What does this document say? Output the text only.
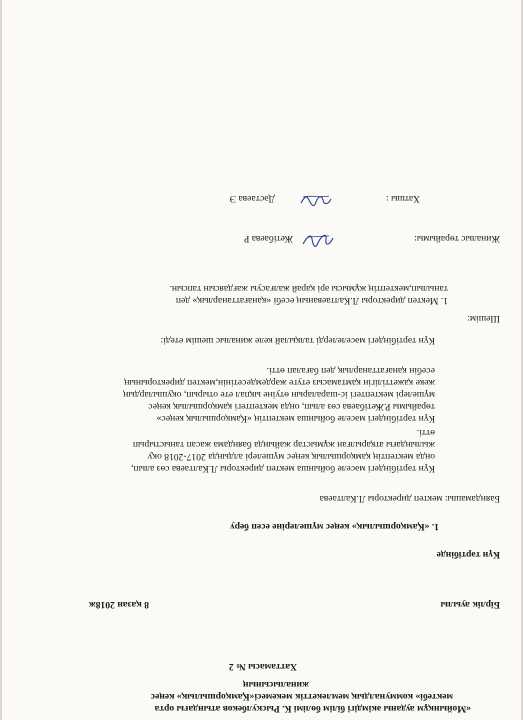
«Мойынқұм ауданы әкімдігі білім бөлімі К. Рыскулбеков атындағы орта
мектебі» коммуналдық мемлекеттік мекемесі«Қамқоршылық» кеңес
жиналысының
Хаттамасы № 2
Бірлік ауылы
8 қазан 2018ж
Күн тәртібінде
1. «Қамқоршылық» кеңес мүшелеріне есеп беру
Баяндамашы: мектеп директоры Л.Калтаева
Күн тәртібіндегі мәселе бойынша мектеп директоры Л.Калтаева сөз алып,
онда мектептің қамқоршылық кеңес мүшелері алдында 2017-2018 оқу
жылындағы атқарылған жұмыстар жайында баяндама жасап таныстырып
өтті.
Күн тәртібіндегі мәселе бойынша мектептің «Қамқоршылық кеңес»
төрайымы Р.Жетібаева сөз алып, онда мектептегі қамқоршылық кеңес
мүшелері мектептегі іс-шараларын өтуіне ықпал ете отырып, оқушылардың
жеке қажеттілігін қамтамасыз етуге жәрдемдесетінін,мектеп директорының
есебін қанағаттанарлық деп бағалап өтті.
Күн тәртібіндегі мәселелерді талқылай келе жиналыс шешім етеді:
Шешім:
1. Мектеп директоры Л.Калтаеваның есебі «қанағаттанарлық» деп
танылып,мектептің жұмысы әрі қарай жалғасуы жағдаясын тапсын.
Жиналыс төрайымы:
Жетібаева Р
Хатшы :
Дәстаева Э
